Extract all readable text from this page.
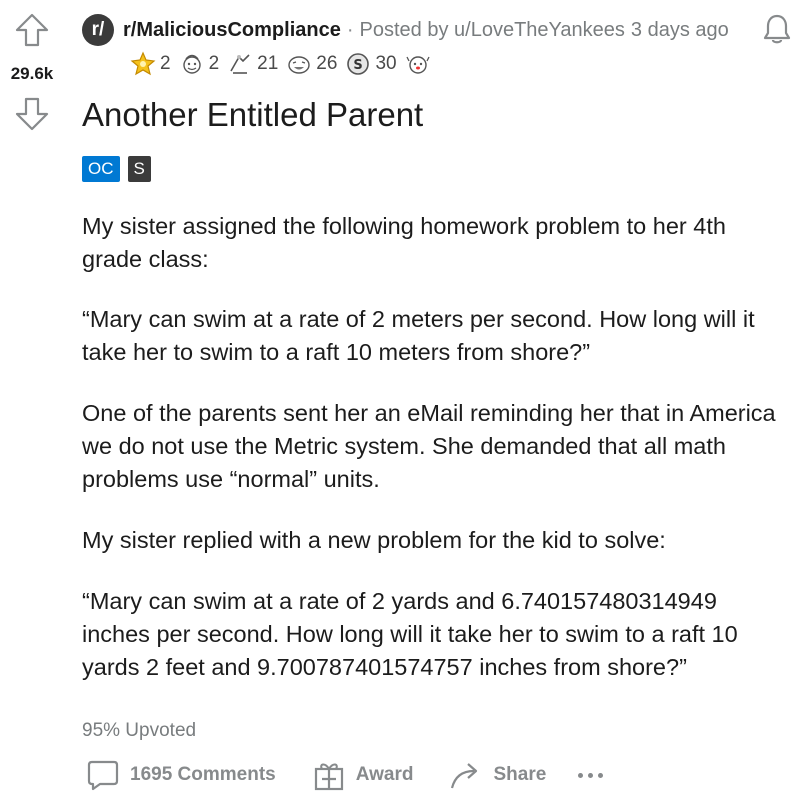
29.6k
r/ r/MaliciousCompliance · Posted by u/LoveTheYankees 3 days ago
2 2 21 26 S 30
Another Entitled Parent
OC	S

My sister assigned the following homework problem to her 4th grade class:

“Mary can swim at a rate of 2 meters per second. How long will it take her to swim to a raft 10 meters from shore?”

One of the parents sent her an eMail reminding her that in America we do not use the Metric system. She demanded that all math problems use “normal” units.

My sister replied with a new problem for the kid to solve:

“Mary can swim at a rate of 2 yards and 6.740157480314949 inches per second. How long will it take her to swim to a raft 10 yards 2 feet and 9.700787401574757 inches from shore?”

95% Upvoted
1695 Comments	Award	Share
